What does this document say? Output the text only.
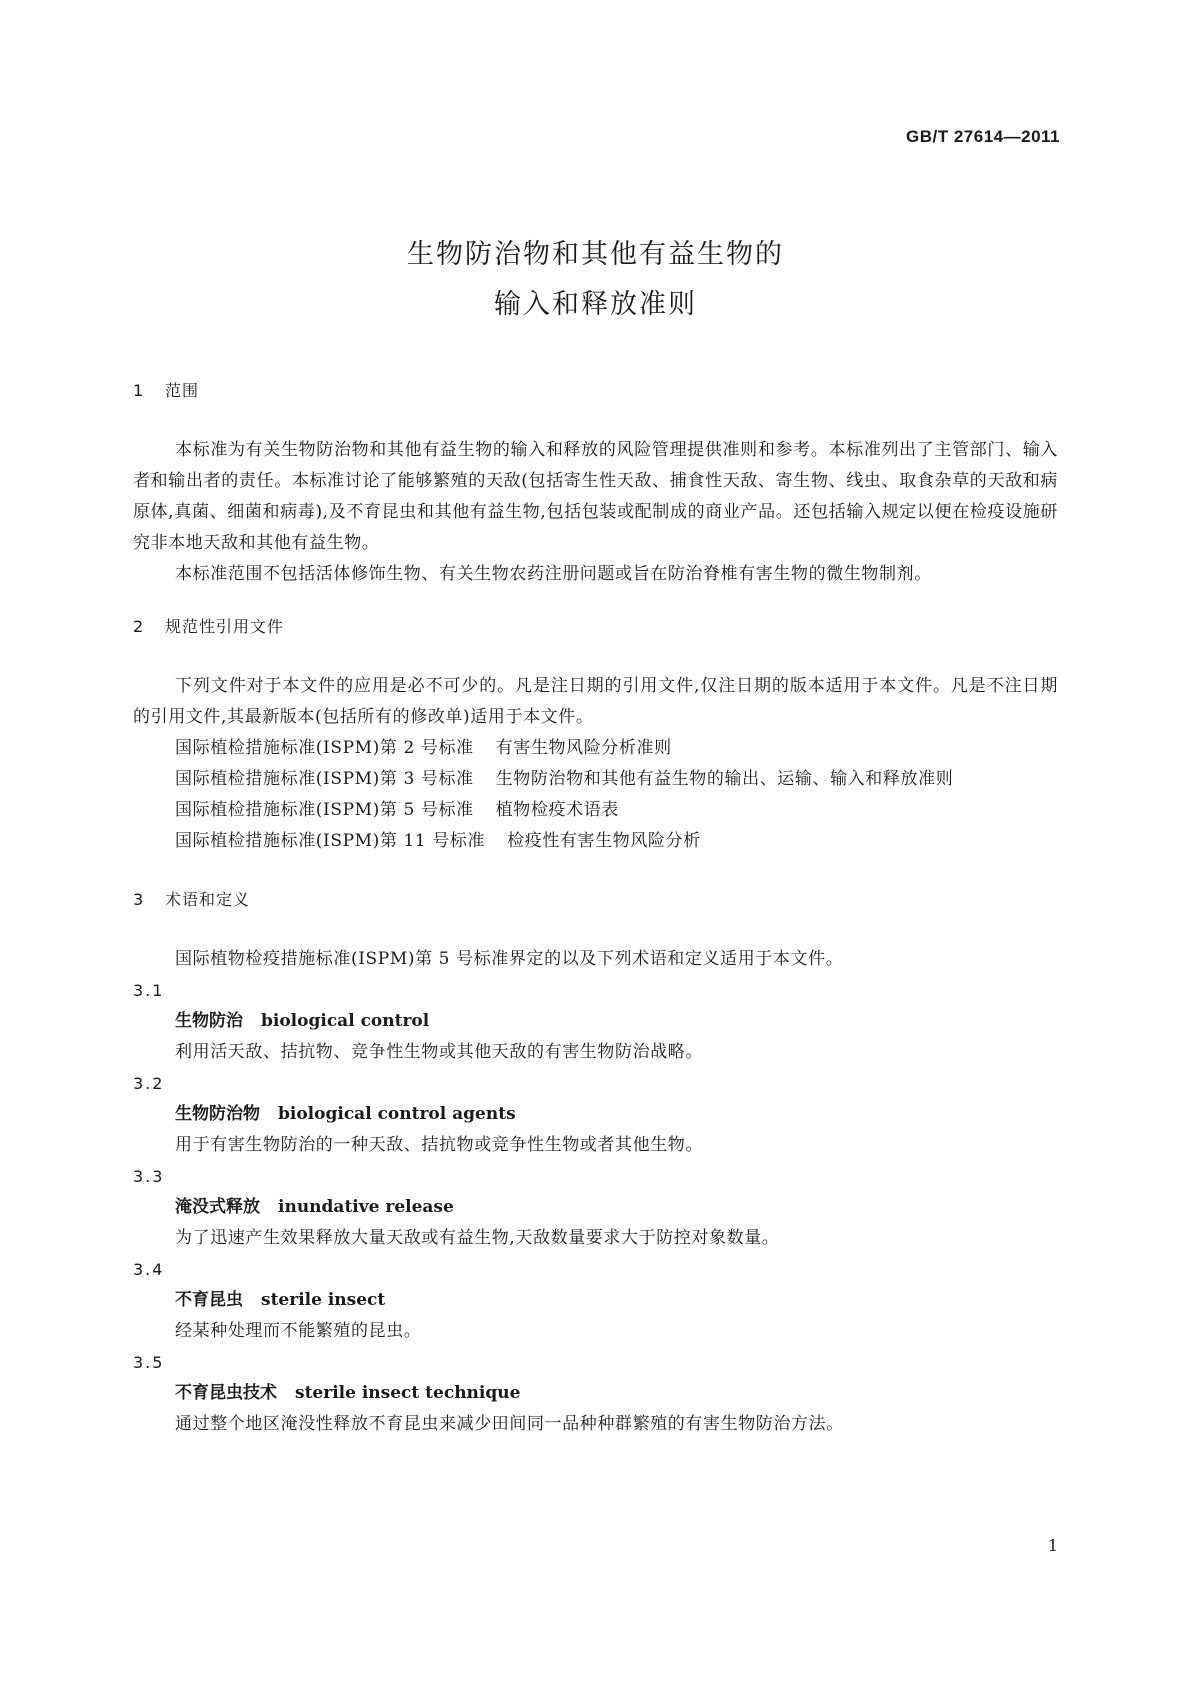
GB/T 27614—2011
生物防治物和其他有益生物的
输入和释放准则
1 范围

本标准为有关生物防治物和其他有益生物的输入和释放的风险管理提供准则和参考。本标准列出了主管部门、输入者和输出者的责任。本标准讨论了能够繁殖的天敌(包括寄生性天敌、捕食性天敌、寄生物、线虫、取食杂草的天敌和病原体,真菌、细菌和病毒),及不育昆虫和其他有益生物,包括包装或配制成的商业产品。还包括输入规定以便在检疫设施研究非本地天敌和其他有益生物。

本标准范围不包括活体修饰生物、有关生物农药注册问题或旨在防治脊椎有害生物的微生物制剂。

2 规范性引用文件

下列文件对于本文件的应用是必不可少的。凡是注日期的引用文件,仅注日期的版本适用于本文件。凡是不注日期的引用文件,其最新版本(包括所有的修改单)适用于本文件。

国际植检措施标准(ISPM)第 2 号标准 有害生物风险分析准则

国际植检措施标准(ISPM)第 3 号标准 生物防治物和其他有益生物的输出、运输、输入和释放准则

国际植检措施标准(ISPM)第 5 号标准 植物检疫术语表

国际植检措施标准(ISPM)第 11 号标准 检疫性有害生物风险分析

3 术语和定义

国际植物检疫措施标准(ISPM)第 5 号标准界定的以及下列术语和定义适用于本文件。

3.1
生物防治 biological control
利用活天敌、拮抗物、竞争性生物或其他天敌的有害生物防治战略。
3.2
生物防治物 biological control agents
用于有害生物防治的一种天敌、拮抗物或竞争性生物或者其他生物。
3.3
淹没式释放 inundative release
为了迅速产生效果释放大量天敌或有益生物,天敌数量要求大于防控对象数量。
3.4
不育昆虫 sterile insect
经某种处理而不能繁殖的昆虫。
3.5
不育昆虫技术 sterile insect technique
通过整个地区淹没性释放不育昆虫来减少田间同一品种种群繁殖的有害生物防治方法。
1
